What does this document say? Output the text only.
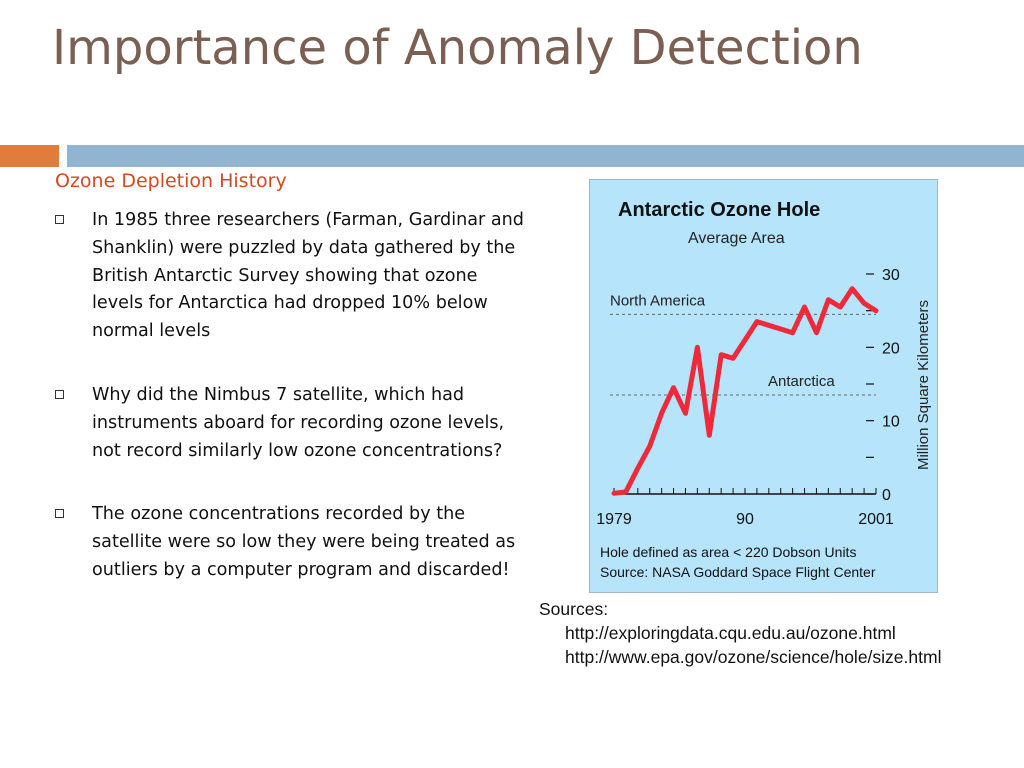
Importance of Anomaly Detection
Ozone Depletion History
In 1985 three researchers (Farman, Gardinar and Shanklin) were puzzled by data gathered by the British Antarctic Survey showing that ozone levels for Antarctica had dropped 10% below normal levels
Why did the Nimbus 7 satellite, which had instruments aboard for recording ozone levels, not record similarly low ozone concentrations?
The ozone concentrations recorded by the satellite were so low they were being treated as outliers by a computer program and discarded!
Antarctic Ozone Hole
Average Area
North America
Antarctica
1979	90	2001
30
20
10
0
Million Square Kilometers
Hole defined as area < 220 Dobson Units
Source: NASA Goddard Space Flight Center
Sources:
http://exploringdata.cqu.edu.au/ozone.html
http://www.epa.gov/ozone/science/hole/size.html
